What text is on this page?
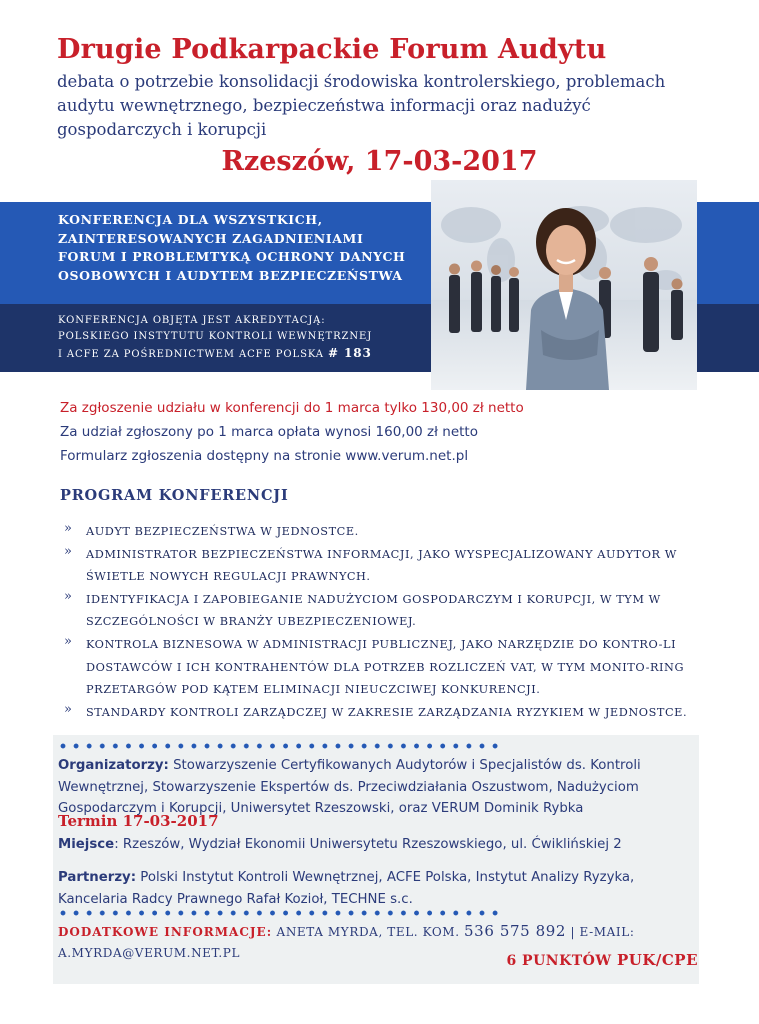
Drugie Podkarpackie Forum Audytu
debata o potrzebie konsolidacji środowiska kontrolerskiego, problemach audytu wewnętrznego, bezpieczeństwa informacji oraz nadużyć gospodarczych i korupcji
Rzeszów, 17-03-2017
KONFERENCJA DLA WSZYSTKICH,
ZAINTERESOWANYCH ZAGADNIENIAMI
FORUM I PROBLEMTYKĄ OCHRONY DANYCH
OSOBOWYCH I AUDYTEM BEZPIECZEŃSTWA
KONFERENCJA OBJĘTA JEST AKREDYTACJĄ:
POLSKIEGO INSTYTUTU KONTROLI WEWNĘTRZNEJ
I ACFE ZA POŚREDNICTWEM ACFE POLSKA # 183
Za zgłoszenie udziału w konferencji do 1 marca tylko 130,00 zł netto
Za udział zgłoszony po 1 marca opłata wynosi 160,00 zł netto
Formularz zgłoszenia dostępny na stronie www.verum.net.pl
PROGRAM KONFERENCJI
» AUDYT BEZPIECZEŃSTWA W JEDNOSTCE.
» ADMINISTRATOR BEZPIECZEŃSTWA INFORMACJI, JAKO WYSPECJALIZOWANY AUDYTOR W ŚWIETLE NOWYCH REGULACJI PRAWNYCH.
» IDENTYFIKACJA I ZAPOBIEGANIE NADUŻYCIOM GOSPODARCZYM I KORUPCJI, W TYM W SZCZEGÓLNOŚCI W BRANŻY UBEZPIECZENIOWEJ.
» KONTROLA BIZNESOWA W ADMINISTRACJI PUBLICZNEJ, JAKO NARZĘDZIE DO KONTRO-LI DOSTAWCÓW I ICH KONTRAHENTÓW DLA POTRZEB ROZLICZEŃ VAT, W TYM MONITO-RING PRZETARGÓW POD KĄTEM ELIMINACJI NIEUCZCIWEJ KONKURENCJI.
» STANDARDY KONTROLI ZARZĄDCZEJ W ZAKRESIE ZARZĄDZANIA RYZYKIEM W JEDNOSTCE.
Organizatorzy: Stowarzyszenie Certyfikowanych Audytorów i Specjalistów ds. Kontroli Wewnętrznej, Stowarzyszenie Ekspertów ds. Przeciwdziałania Oszustwom, Nadużyciom Gospodarczym i Korupcji, Uniwersytet Rzeszowski, oraz VERUM Dominik Rybka
Termin 17-03-2017
Miejsce: Rzeszów, Wydział Ekonomii Uniwersytetu Rzeszowskiego, ul. Ćwiklińskiej 2
Partnerzy: Polski Instytut Kontroli Wewnętrznej, ACFE Polska, Instytut Analizy Ryzyka, Kancelaria Radcy Prawnego Rafał Kozioł, TECHNE s.c.
DODATKOWE INFORMACJE: ANETA MYRDA, TEL. KOM. 536 575 892 | E-MAIL: A.MYRDA@VERUM.NET.PL	6 PUNKTÓW PUK/CPE
